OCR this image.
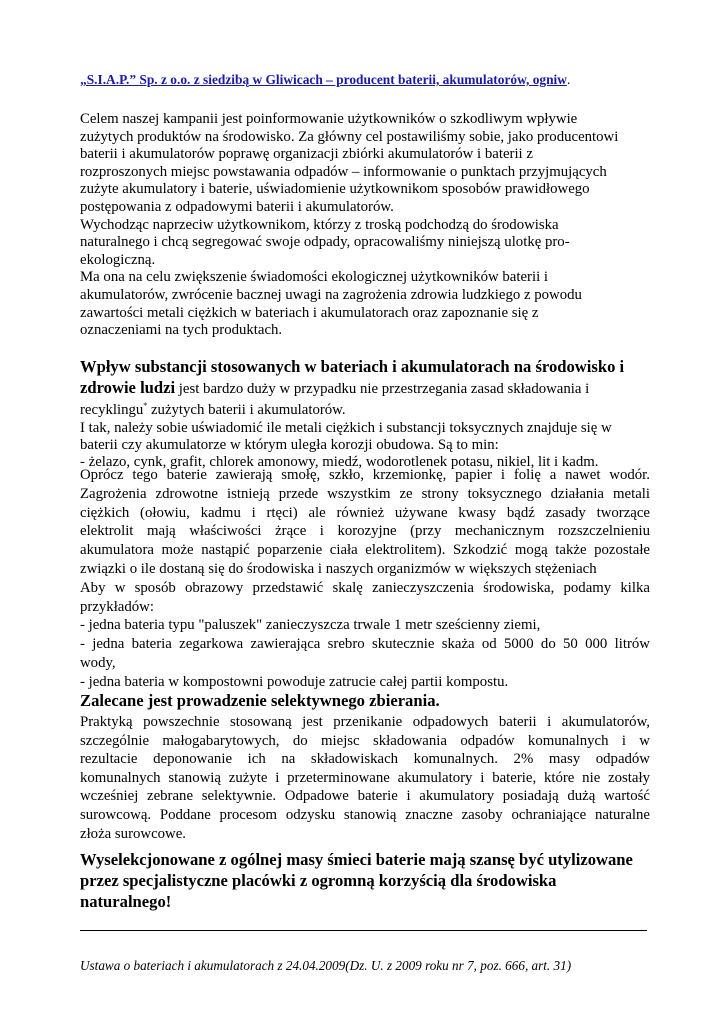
„S.I.A.P.” Sp. z o.o. z siedzibą w Gliwicach – producent baterii, akumulatorów, ogniw.
Celem naszej kampanii jest poinformowanie użytkowników o szkodliwym wpływie
zużytych produktów na środowisko. Za główny cel postawiliśmy sobie, jako producentowi
baterii i akumulatorów poprawę organizacji zbiórki akumulatorów i baterii z
rozproszonych miejsc powstawania odpadów – informowanie o punktach przyjmujących
zużyte akumulatory i baterie, uświadomienie użytkownikom sposobów prawidłowego
postępowania z odpadowymi baterii i akumulatorów.
Wychodząc naprzeciw użytkownikom, którzy z troską podchodzą do środowiska
naturalnego i chcą segregować swoje odpady, opracowaliśmy niniejszą ulotkę pro-
ekologiczną.
Ma ona na celu zwiększenie świadomości ekologicznej użytkowników baterii i
akumulatorów, zwrócenie bacznej uwagi na zagrożenia zdrowia ludzkiego z powodu
zawartości metali ciężkich w bateriach i akumulatorach oraz zapoznanie się z
oznaczeniami na tych produktach.
Wpływ substancji stosowanych w bateriach i akumulatorach na środowisko i
zdrowie ludzi jest bardzo duży w przypadku nie przestrzegania zasad składowania i
recyklingu* zużytych baterii i akumulatorów.
I tak, należy sobie uświadomić ile metali ciężkich i substancji toksycznych znajduje się w
baterii czy akumulatorze w którym uległa korozji obudowa. Są to min:
- żelazo, cynk, grafit, chlorek amonowy, miedź, wodorotlenek potasu, nikiel, lit i kadm.
Oprócz tego baterie zawierają smołę, szkło, krzemionkę, papier i folię a nawet wodór.
Zagrożenia zdrowotne istnieją przede wszystkim ze strony toksycznego działania metali
ciężkich (ołowiu, kadmu i rtęci) ale również używane kwasy bądź zasady tworzące
elektrolit mają właściwości żrące i korozyjne (przy mechanicznym rozszczelnieniu
akumulatora może nastąpić poparzenie ciała elektrolitem). Szkodzić mogą także pozostałe
związki o ile dostaną się do środowiska i naszych organizmów w większych stężeniach
Aby w sposób obrazowy przedstawić skalę zanieczyszczenia środowiska, podamy kilka
przykładów:
- jedna bateria typu "paluszek" zanieczyszcza trwale 1 metr sześcienny ziemi,
- jedna bateria zegarkowa zawierająca srebro skutecznie skaża od 5000 do 50 000 litrów
wody,
- jedna bateria w kompostowni powoduje zatrucie całej partii kompostu.
Zalecane jest prowadzenie selektywnego zbierania.
Praktyką powszechnie stosowaną jest przenikanie odpadowych baterii i akumulatorów,
szczególnie małogabarytowych, do miejsc składowania odpadów komunalnych i w
rezultacie deponowanie ich na składowiskach komunalnych. 2% masy odpadów
komunalnych stanowią zużyte i przeterminowane akumulatory i baterie, które nie zostały
wcześniej zebrane selektywnie. Odpadowe baterie i akumulatory posiadają dużą wartość
surowcową. Poddane procesom odzysku stanowią znaczne zasoby ochraniające naturalne
złoża surowcowe.
Wyselekcjonowane z ogólnej masy śmieci baterie mają szansę być utylizowane
przez specjalistyczne placówki z ogromną korzyścią dla środowiska
naturalnego!
Ustawa o bateriach i akumulatorach z 24.04.2009(Dz. U. z 2009 roku nr 7, poz. 666, art. 31)
